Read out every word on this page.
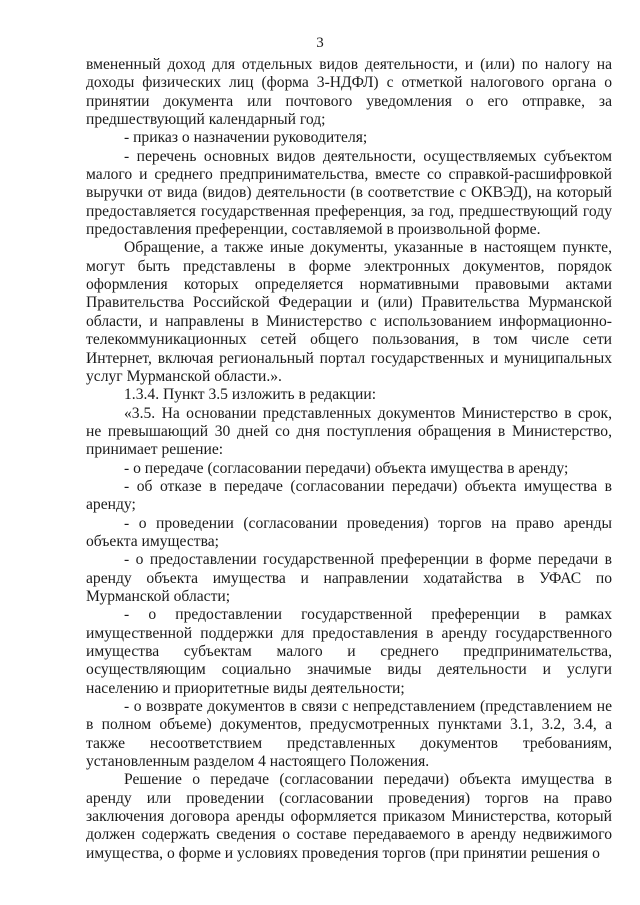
3

вмененный доход для отдельных видов деятельности, и (или) по налогу на доходы физических лиц (форма 3-НДФЛ) с отметкой налогового органа о принятии документа или почтового уведомления о его отправке, за предшествующий календарный год;

- приказ о назначении руководителя;

- перечень основных видов деятельности, осуществляемых субъектом малого и среднего предпринимательства, вместе со справкой-расшифровкой выручки от вида (видов) деятельности (в соответствие с ОКВЭД), на который предоставляется государственная преференция, за год, предшествующий году предоставления преференции, составляемой в произвольной форме.

Обращение, а также иные документы, указанные в настоящем пункте, могут быть представлены в форме электронных документов, порядок оформления которых определяется нормативными правовыми актами Правительства Российской Федерации и (или) Правительства Мурманской области, и направлены в Министерство с использованием информационно-телекоммуникационных сетей общего пользования, в том числе сети Интернет, включая региональный портал государственных и муниципальных услуг Мурманской области.».

1.3.4. Пункт 3.5 изложить в редакции:

«3.5. На основании представленных документов Министерство в срок, не превышающий 30 дней со дня поступления обращения в Министерство, принимает решение:

- о передаче (согласовании передачи) объекта имущества в аренду;

- об отказе в передаче (согласовании передачи) объекта имущества в аренду;

- о проведении (согласовании проведения) торгов на право аренды объекта имущества;

- о предоставлении государственной преференции в форме передачи в аренду объекта имущества и направлении ходатайства в УФАС по Мурманской области;

- о предоставлении государственной преференции в рамках имущественной поддержки для предоставления в аренду государственного имущества субъектам малого и среднего предпринимательства, осуществляющим социально значимые виды деятельности и услуги населению и приоритетные виды деятельности;

- о возврате документов в связи с непредставлением (представлением не в полном объеме) документов, предусмотренных пунктами 3.1, 3.2, 3.4, а также несоответствием представленных документов требованиям, установленным разделом 4 настоящего Положения.

Решение о передаче (согласовании передачи) объекта имущества в аренду или проведении (согласовании проведения) торгов на право заключения договора аренды оформляется приказом Министерства, который должен содержать сведения о составе передаваемого в аренду недвижимого имущества, о форме и условиях проведения торгов (при принятии решения о
